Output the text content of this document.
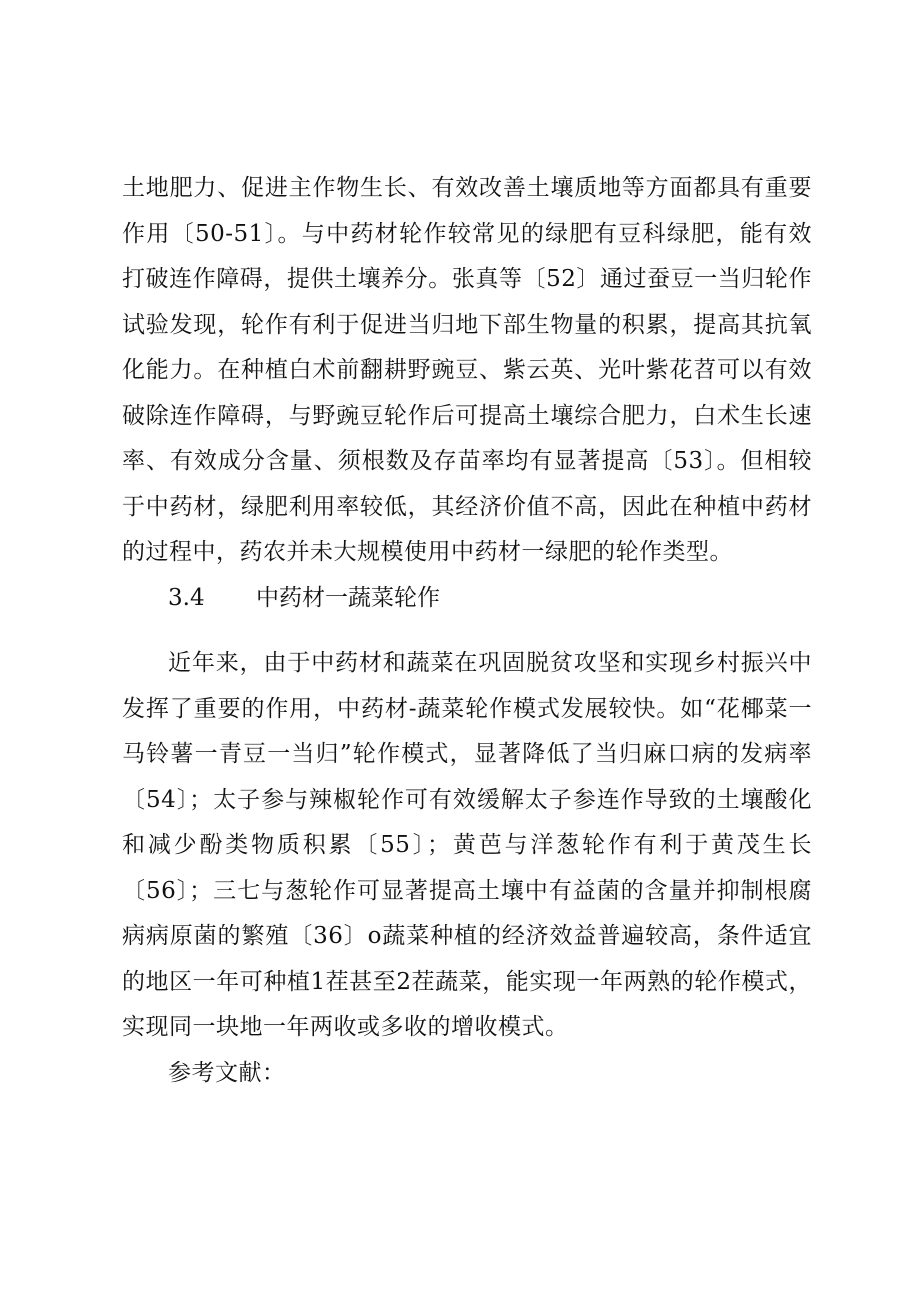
土地肥力、促进主作物生长、有效改善土壤质地等方面都具有重要作用〔50-51〕。与中药材轮作较常见的绿肥有豆科绿肥，能有效打破连作障碍，提供土壤养分。张真等〔52〕通过蚕豆一当归轮作试验发现，轮作有利于促进当归地下部生物量的积累，提高其抗氧化能力。在种植白术前翻耕野豌豆、紫云英、光叶紫花苕可以有效破除连作障碍，与野豌豆轮作后可提高土壤综合肥力，白术生长速率、有效成分含量、须根数及存苗率均有显著提高〔53〕。但相较于中药材，绿肥利用率较低，其经济价值不高，因此在种植中药材的过程中，药农并未大规模使用中药材一绿肥的轮作类型。

3.4	中药材一蔬菜轮作

近年来，由于中药材和蔬菜在巩固脱贫攻坚和实现乡村振兴中发挥了重要的作用，中药材-蔬菜轮作模式发展较快。如“花椰菜一马铃薯一青豆一当归”轮作模式，显著降低了当归麻口病的发病率〔54〕；太子参与辣椒轮作可有效缓解太子参连作导致的土壤酸化和减少酚类物质积累〔55〕；黄芭与洋葱轮作有利于黄茂生长〔56〕；三七与葱轮作可显著提高土壤中有益菌的含量并抑制根腐病病原菌的繁殖〔36〕o蔬菜种植的经济效益普遍较高，条件适宜的地区一年可种植1茬甚至2茬蔬菜，能实现一年两熟的轮作模式，实现同一块地一年两收或多收的增收模式。

参考文献：
